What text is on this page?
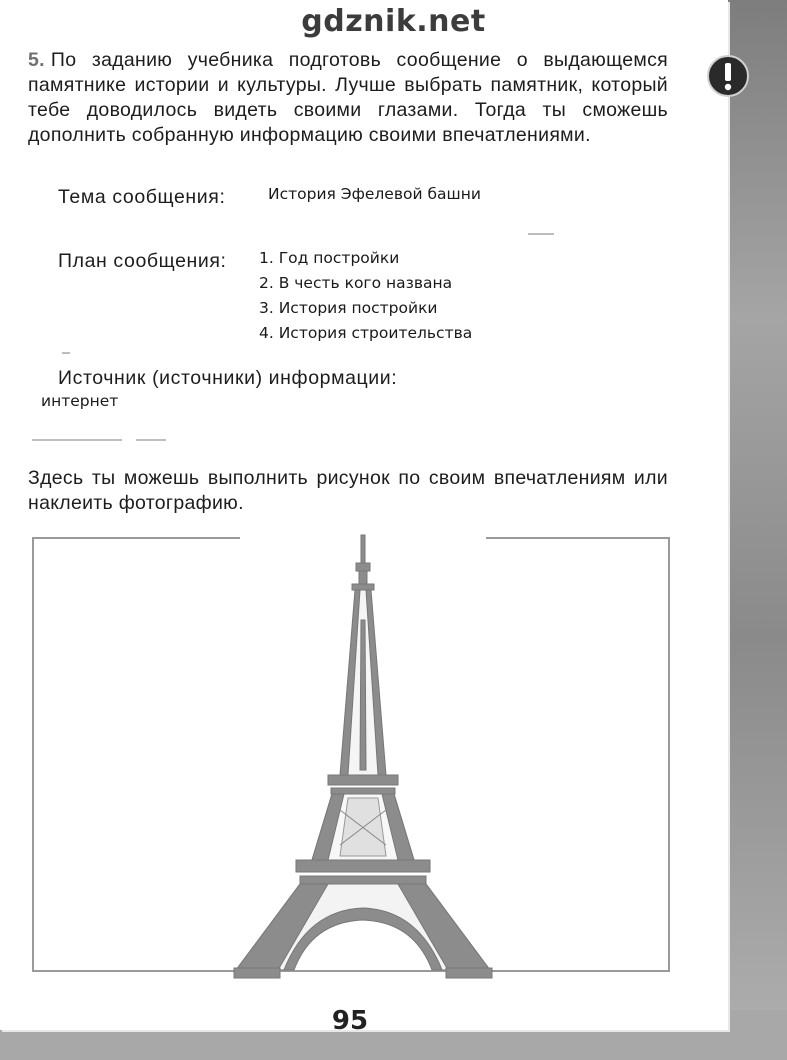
gdznik.net
5. По заданию учебника подготовь сообщение о выдающемся памятнике истории и культуры. Лучше выбрать памятник, который тебе доводилось видеть своими глазами. Тогда ты сможешь дополнить собранную информацию своими впечатлениями.
Тема сообщения:	История Эфелевой башни
План сообщения: 1. Год постройки
2. В честь кого названа
3. История постройки
4. История строительства
Источник (источники) информации:
интернет
Здесь ты можешь выполнить рисунок по своим впечатлениям или наклеить фотографию.
95
